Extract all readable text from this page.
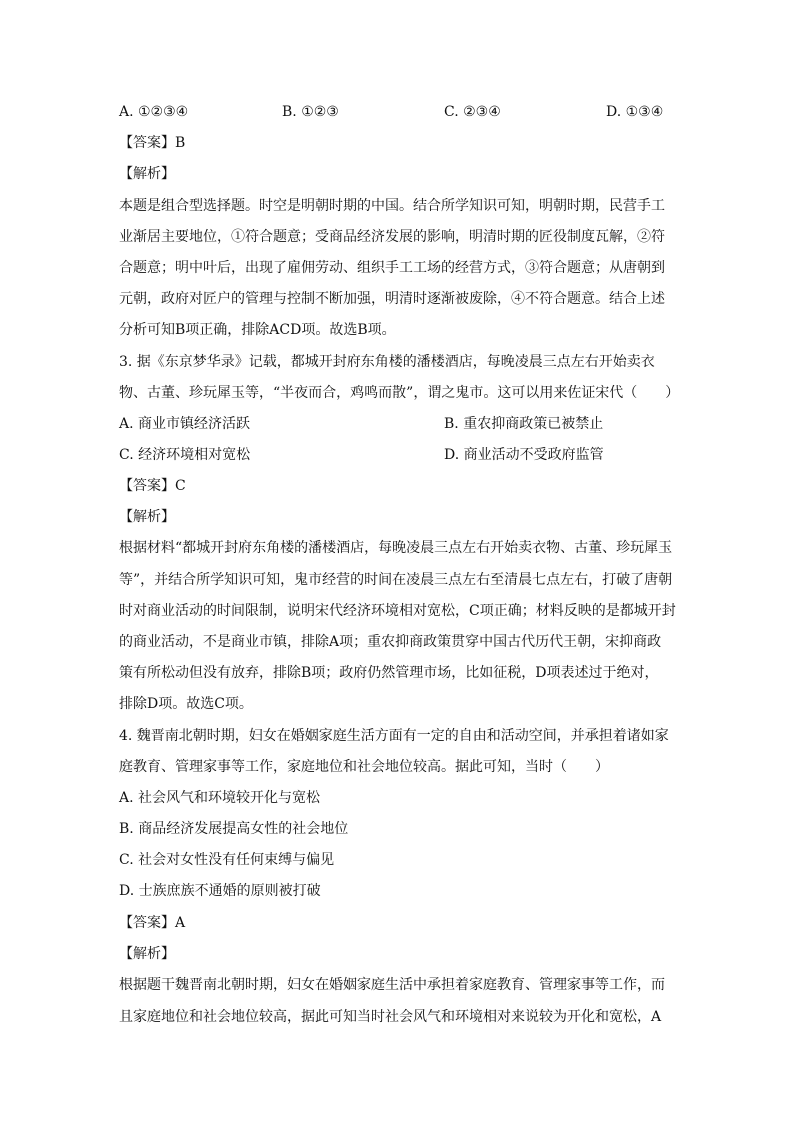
A. ①②③④	B. ①②③	C. ②③④	D. ①③④
【答案】B
【解析】
本题是组合型选择题。时空是明朝时期的中国。结合所学知识可知，明朝时期，民营手工
业渐居主要地位，①符合题意；受商品经济发展的影响，明清时期的匠役制度瓦解，②符
合题意；明中叶后，出现了雇佣劳动、组织手工工场的经营方式，③符合题意；从唐朝到
元朝，政府对匠户的管理与控制不断加强，明清时逐渐被废除，④不符合题意。结合上述
分析可知B项正确，排除ACD项。故选B项。
3. 据《东京梦华录》记载，都城开封府东角楼的潘楼酒店，每晚凌晨三点左右开始卖衣
物、古董、珍玩犀玉等，“半夜而合，鸡鸣而散”，谓之鬼市。这可以用来佐证宋代（　　）
A. 商业市镇经济活跃	B. 重农抑商政策已被禁止
C. 经济环境相对宽松	D. 商业活动不受政府监管
【答案】C
【解析】
根据材料“都城开封府东角楼的潘楼酒店，每晚凌晨三点左右开始卖衣物、古董、珍玩犀玉
等”，并结合所学知识可知，鬼市经营的时间在凌晨三点左右至清晨七点左右，打破了唐朝
时对商业活动的时间限制，说明宋代经济环境相对宽松，C项正确；材料反映的是都城开封
的商业活动，不是商业市镇，排除A项；重农抑商政策贯穿中国古代历代王朝，宋抑商政
策有所松动但没有放弃，排除B项；政府仍然管理市场，比如征税，D项表述过于绝对，
排除D项。故选C项。
4. 魏晋南北朝时期，妇女在婚姻家庭生活方面有一定的自由和活动空间，并承担着诸如家
庭教育、管理家事等工作，家庭地位和社会地位较高。据此可知，当时（　　）
A. 社会风气和环境较开化与宽松
B. 商品经济发展提高女性的社会地位
C. 社会对女性没有任何束缚与偏见
D. 士族庶族不通婚的原则被打破
【答案】A
【解析】
根据题干魏晋南北朝时期，妇女在婚姻家庭生活中承担着家庭教育、管理家事等工作，而
且家庭地位和社会地位较高，据此可知当时社会风气和环境相对来说较为开化和宽松，A
